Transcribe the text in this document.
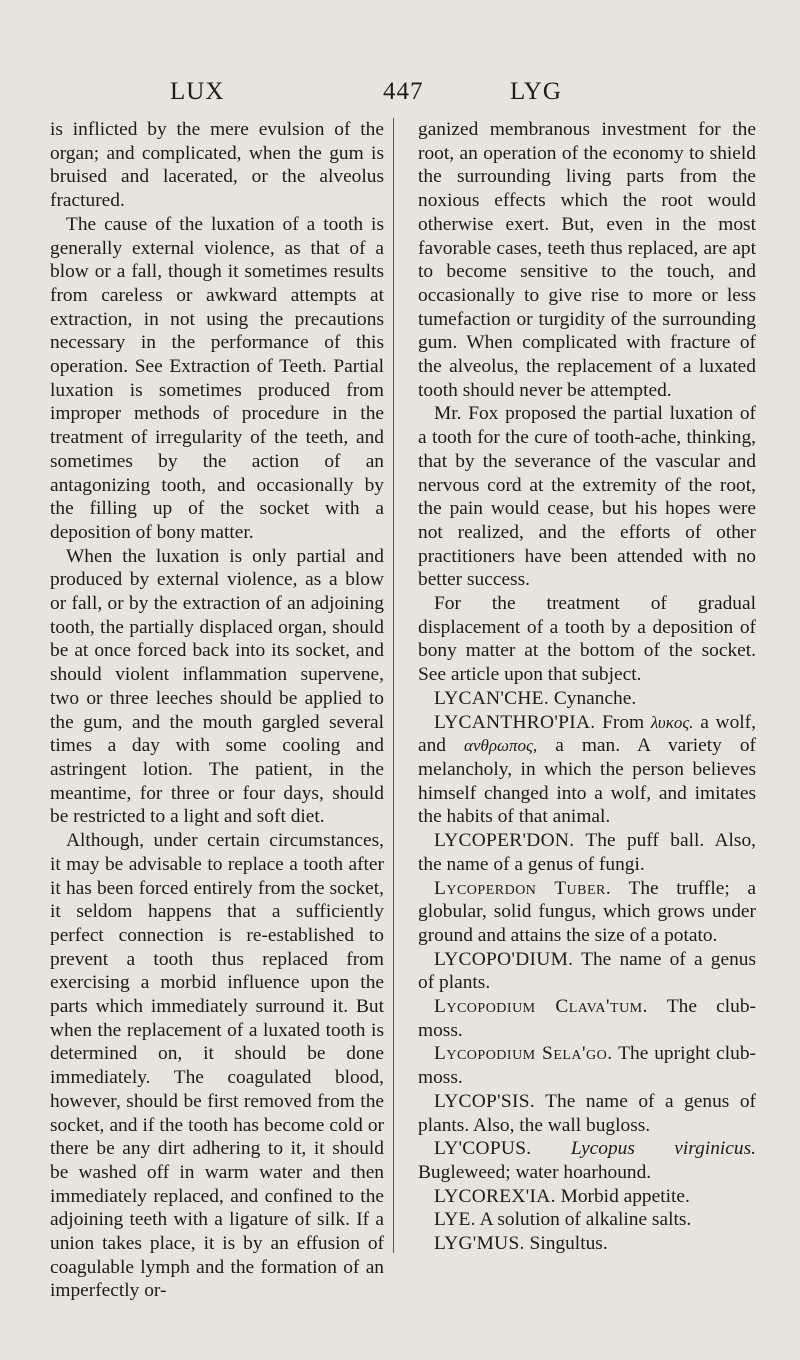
LUX	447	LYG

is inflicted by the mere evulsion of the organ; and complicated, when the gum is bruised and lacerated, or the alveolus fractured.

The cause of the luxation of a tooth is generally external violence, as that of a blow or a fall, though it sometimes results from careless or awkward attempts at extraction, in not using the precautions necessary in the performance of this operation. See Extraction of Teeth. Partial luxation is sometimes produced from improper methods of procedure in the treatment of irregularity of the teeth, and sometimes by the action of an antagonizing tooth, and occasionally by the filling up of the socket with a deposition of bony matter.

When the luxation is only partial and produced by external violence, as a blow or fall, or by the extraction of an adjoining tooth, the partially displaced organ, should be at once forced back into its socket, and should violent inflammation supervene, two or three leeches should be applied to the gum, and the mouth gargled several times a day with some cooling and astringent lotion. The patient, in the meantime, for three or four days, should be restricted to a light and soft diet.

Although, under certain circumstances, it may be advisable to replace a tooth after it has been forced entirely from the socket, it seldom happens that a sufficiently perfect connection is re-established to prevent a tooth thus replaced from exercising a morbid influence upon the parts which immediately surround it. But when the replacement of a luxated tooth is determined on, it should be done immediately. The coagulated blood, however, should be first removed from the socket, and if the tooth has become cold or there be any dirt adhering to it, it should be washed off in warm water and then immediately replaced, and confined to the adjoining teeth with a ligature of silk. If a union takes place, it is by an effusion of coagulable lymph and the formation of an imperfectly or-

ganized membranous investment for the root, an operation of the economy to shield the surrounding living parts from the noxious effects which the root would otherwise exert. But, even in the most favorable cases, teeth thus replaced, are apt to become sensitive to the touch, and occasionally to give rise to more or less tumefaction or turgidity of the surrounding gum. When complicated with fracture of the alveolus, the replacement of a luxated tooth should never be attempted.

Mr. Fox proposed the partial luxation of a tooth for the cure of tooth-ache, thinking, that by the severance of the vascular and nervous cord at the extremity of the root, the pain would cease, but his hopes were not realized, and the efforts of other practitioners have been attended with no better success.

For the treatment of gradual displacement of a tooth by a deposition of bony matter at the bottom of the socket. See article upon that subject.

LYCAN'CHE. Cynanche.

LYCANTHRO'PIA. From λυκος. a wolf, and ανθρωπος, a man. A variety of melancholy, in which the person believes himself changed into a wolf, and imitates the habits of that animal.

LYCOPER'DON. The puff ball. Also, the name of a genus of fungi.

Lycoperdon Tuber. The truffle; a globular, solid fungus, which grows under ground and attains the size of a potato.

LYCOPO'DIUM. The name of a genus of plants.

Lycopodium Clava'tum. The club-moss.

Lycopodium Sela'go. The upright club-moss.

LYCOP'SIS. The name of a genus of plants. Also, the wall bugloss.

LY'COPUS. Lycopus virginicus. Bugleweed; water hoarhound.

LYCOREX'IA. Morbid appetite.

LYE. A solution of alkaline salts.

LYG'MUS. Singultus.
